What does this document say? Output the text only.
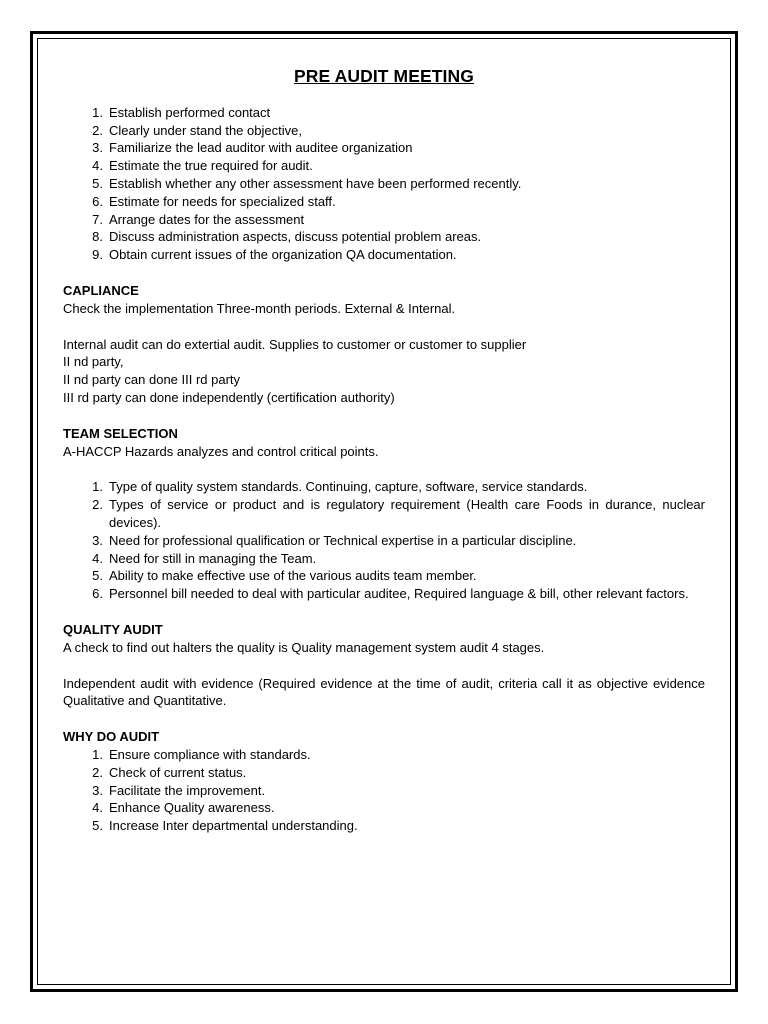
PRE AUDIT MEETING
1. Establish performed contact
2. Clearly under stand the objective,
3. Familiarize the lead auditor with auditee organization
4. Estimate the true required for audit.
5. Establish whether any other assessment have been performed recently.
6. Estimate for needs for specialized staff.
7. Arrange dates for the assessment
8. Discuss administration aspects, discuss potential problem areas.
9. Obtain current issues of the organization QA documentation.

CAPLIANCE

Check the implementation Three-month periods. External & Internal.

Internal audit can do extertial audit. Supplies to customer or customer to supplier

II nd party,

II nd party can done III rd party

III rd party can done independently (certification authority)

TEAM SELECTION

A-HACCP Hazards analyzes and control critical points.

1. Type of quality system standards. Continuing, capture, software, service standards.
2. Types of service or product and is regulatory requirement (Health care Foods in durance, nuclear devices).
3. Need for professional qualification or Technical expertise in a particular discipline.
4. Need for still in managing the Team.
5. Ability to make effective use of the various audits team member.
6. Personnel bill needed to deal with particular auditee, Required language & bill, other relevant factors.

QUALITY AUDIT

A check to find out halters the quality is Quality management system audit 4 stages.

Independent audit with evidence (Required evidence at the time of audit, criteria call it as objective evidence Qualitative and Quantitative.

WHY DO AUDIT

1. Ensure compliance with standards.
2. Check of current status.
3. Facilitate the improvement.
4. Enhance Quality awareness.
5. Increase Inter departmental understanding.
